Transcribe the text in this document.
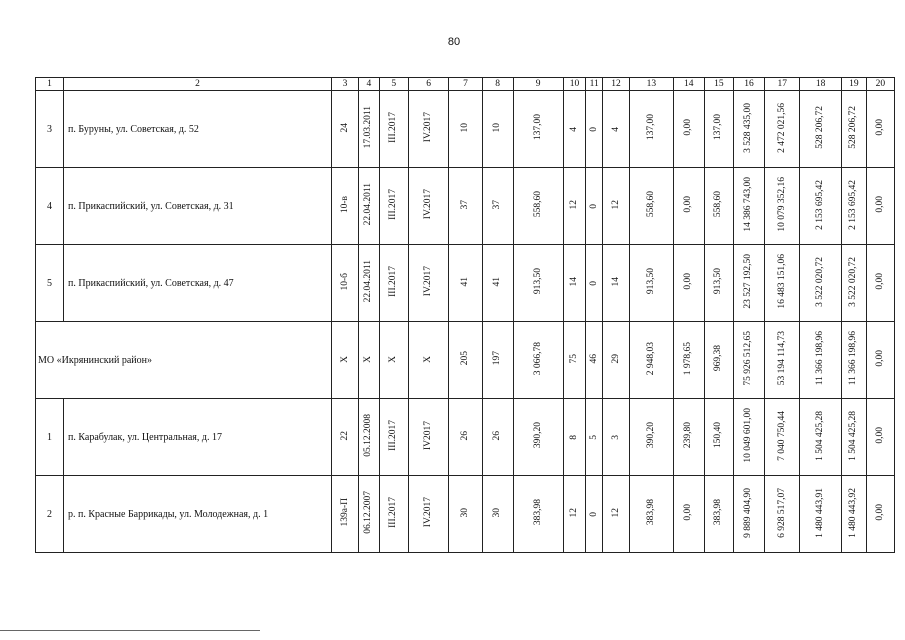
80
1	2	3	4	5	6	7	8	9	10	11	12	13	14	15	16	17	18	19	20
3	п. Буруны, ул. Советская, д. 52	24	17.03.2011	III.2017	IV.2017	10	10	137,00	4	0	4	137,00	0,00	137,00	3 528 435,00	2 472 021,56	528 206,72	528 206,72	0,00
4	п. Прикаспийский, ул. Советская, д. 31	10-в	22.04.2011	III.2017	IV.2017	37	37	558,60	12	0	12	558,60	0,00	558,60	14 386 743,00	10 079 352,16	2 153 695,42	2 153 695,42	0,00
5	п. Прикаспийский, ул. Советская, д. 47	10-б	22.04.2011	III.2017	IV.2017	41	41	913,50	14	0	14	913,50	0,00	913,50	23 527 192,50	16 483 151,06	3 522 020,72	3 522 020,72	0,00
МО «Икрянинский район»		X	X	X	X	205	197	3 066,78	75	46	29	2 948,03	1 978,65	969,38	75 926 512,65	53 194 114,73	11 366 198,96	11 366 198,96	0,00
1	п. Карабулак, ул. Центральная, д. 17	22	05.12.2008	III.2017	IV2017	26	26	390,20	8	5	3	390,20	239,80	150,40	10 049 601,00	7 040 750,44	1 504 425,28	1 504 425,28	0,00
2	р. п. Красные Баррикады, ул. Молодежная, д. 1	139а-П	06.12.2007	III.2017	IV.2017	30	30	383,98	12	0	12	383,98	0,00	383,98	9 889 404,90	6 928 517,07	1 480 443,91	1 480 443,92	0,00
